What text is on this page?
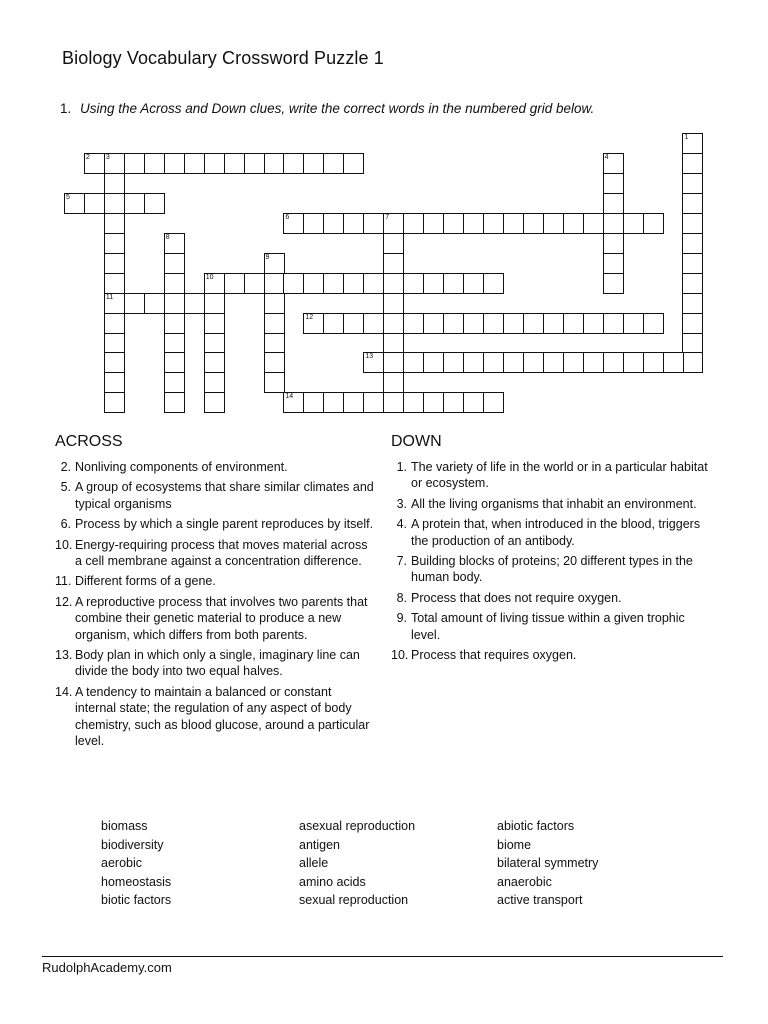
Biology Vocabulary Crossword Puzzle 1
1. Using the Across and Down clues, write the correct words in the numbered grid below.
1
2 3
11
4
5
6	7
8
9
10
12
13
14
ACROSS
2. Nonliving components of environment.
5. A group of ecosystems that share similar climates and typical organisms
6. Process by which a single parent reproduces by itself.
10. Energy-requiring process that moves material across a cell membrane against a concentration difference.
11. Different forms of a gene.
12. A reproductive process that involves two parents that combine their genetic material to produce a new organism, which differs from both parents.
13. Body plan in which only a single, imaginary line can divide the body into two equal halves.
14. A tendency to maintain a balanced or constant internal state; the regulation of any aspect of body chemistry, such as blood glucose, around a particular level.
DOWN
1. The variety of life in the world or in a particular habitat or ecosystem.
3. All the living organisms that inhabit an environment.
4. A protein that, when introduced in the blood, triggers the production of an antibody.
7. Building blocks of proteins; 20 different types in the human body.
8. Process that does not require oxygen.
9. Total amount of living tissue within a given trophic level.
10. Process that requires oxygen.
biomass
biodiversity
aerobic
homeostasis
biotic factors
asexual reproduction
antigen
allele
amino acids
sexual reproduction
abiotic factors
biome
bilateral symmetry
anaerobic
active transport
RudolphAcademy.com
